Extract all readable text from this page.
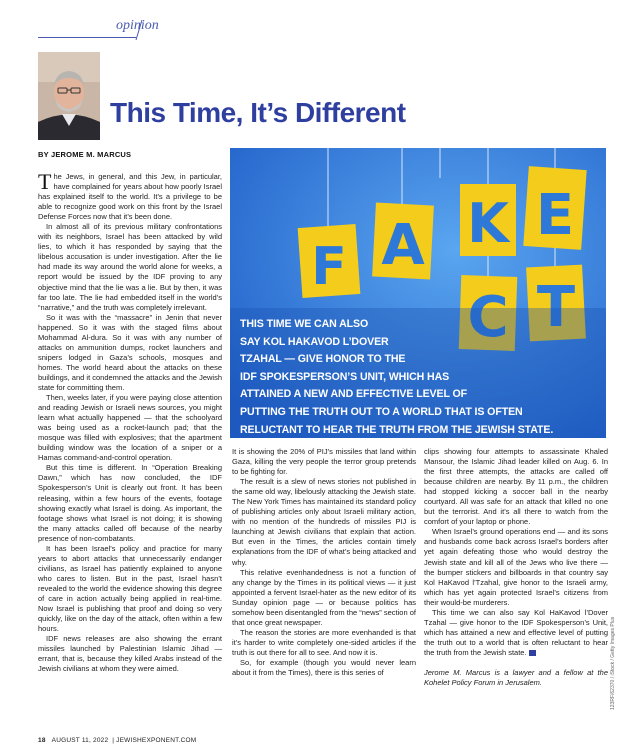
opinion
This Time, It’s Different
BY JEROME M. MARCUS
F A K
C
E
T

THIS TIME WE CAN ALSO

SAY KOL HAKAVOD L’DOVER

TZAHAL — GIVE HONOR TO THE

IDF SPOKESPERSON’S UNIT, WHICH HAS

ATTAINED A NEW AND EFFECTIVE LEVEL OF

PUTTING THE TRUTH OUT TO A WORLD THAT IS OFTEN

RELUCTANT TO HEAR THE TRUTH FROM THE JEWISH STATE.

123RF/62370 / iStock / Getty Images Plus

The Jews, in general, and this Jew, in particular, have complained for years about how poorly Israel has explained itself to the world. It’s a privilege to be able to recognize good work on this front by the Israel Defense Forces now that it’s been done.

In almost all of its previous military confrontations with its neighbors, Israel has been attacked by wild lies, to which it has responded by saying that the libelous accusation is under investigation. After the lie had made its way around the world alone for weeks, a report would be issued by the IDF proving to any objective mind that the lie was a lie. But by then, it was far too late. The lie had embedded itself in the world’s “narrative,” and the truth was completely irrelevant.

So it was with the “massacre” in Jenin that never happened. So it was with the staged films about Mohammad Al-dura. So it was with any number of attacks on ammunition dumps, rocket launchers and snipers lodged in Gaza’s schools, mosques and homes. The world heard about the attacks on these buildings, and it condemned the attacks and the Jewish state for committing them.

Then, weeks later, if you were paying close attention and reading Jewish or Israeli news sources, you might learn what actually happened — that the schoolyard was being used as a rocket-launch pad; that the mosque was filled with explosives; that the apartment building window was the location of a sniper or a Hamas command-and-control operation.

But this time is different. In “Operation Breaking Dawn,” which has now concluded, the IDF Spokesperson’s Unit is clearly out front. It has been releasing, within a few hours of the events, footage showing exactly what Israel is doing. As important, the footage shows what Israel is not doing; it is showing the many attacks called off because of the nearby presence of non-combatants.

It has been Israel’s policy and practice for many years to abort attacks that unnecessarily endanger civilians, as Israel has patiently explained to anyone who cares to listen. But in the past, Israel hasn’t revealed to the world the evidence showing this degree of care in action actually being applied in real-time. Now Israel is publishing that proof and doing so very quickly, like on the day of the attack, often within a few hours.

IDF news releases are also showing the errant missiles launched by Palestinian Islamic Jihad — errant, that is, because they killed Arabs instead of the Jewish civilians at whom they were aimed.

It is showing the 20% of PIJ’s missiles that land within Gaza, killing the very people the terror group pretends to be fighting for.

The result is a slew of news stories not published in the same old way, libelously attacking the Jewish state. The New York Times has maintained its standard policy of publishing articles only about Israeli military action, with no mention of the hundreds of missiles PIJ is launching at Jewish civilians that explain that action. But even in the Times, the articles contain timely explanations from the IDF of what’s being attacked and why.

This relative evenhandedness is not a function of any change by the Times in its political views — it just appointed a fervent Israel-hater as the new editor of its Sunday opinion page — or because politics has somehow been disentangled from the “news” section of that once great newspaper.

The reason the stories are more evenhanded is that it’s harder to write completely one-sided articles if the truth is out there for all to see. And now it is.

So, for example (though you would never learn about it from the Times), there is this series of

clips showing four attempts to assassinate Khaled Mansour, the Islamic Jihad leader killed on Aug. 6. In the first three attempts, the attacks are called off because children are nearby. By 11 p.m., the children had stopped kicking a soccer ball in the nearby courtyard. All was safe for an attack that killed no one but the terrorist. And it’s all there to watch from the comfort of your laptop or phone.

When Israel’s ground operations end — and its sons and husbands come back across Israel’s borders after yet again defeating those who would destroy the Jewish state and kill all of the Jews who live there — the bumper stickers and billboards in that country say Kol HaKavod l’Tzahal, give honor to the Israeli army, which has yet again protected Israel’s citizens from their would-be murderers.

This time we can also say Kol HaKavod l’Dover Tzahal — give honor to the IDF Spokesperson’s Unit, which has attained a new and effective level of putting the truth out to a world that is often reluctant to hear the truth from the Jewish state.

Jerome M. Marcus is a lawyer and a fellow at the Kohelet Policy Forum in Jerusalem.

18 AUGUST 11, 2022  | JEWISHEXPONENT.COM
